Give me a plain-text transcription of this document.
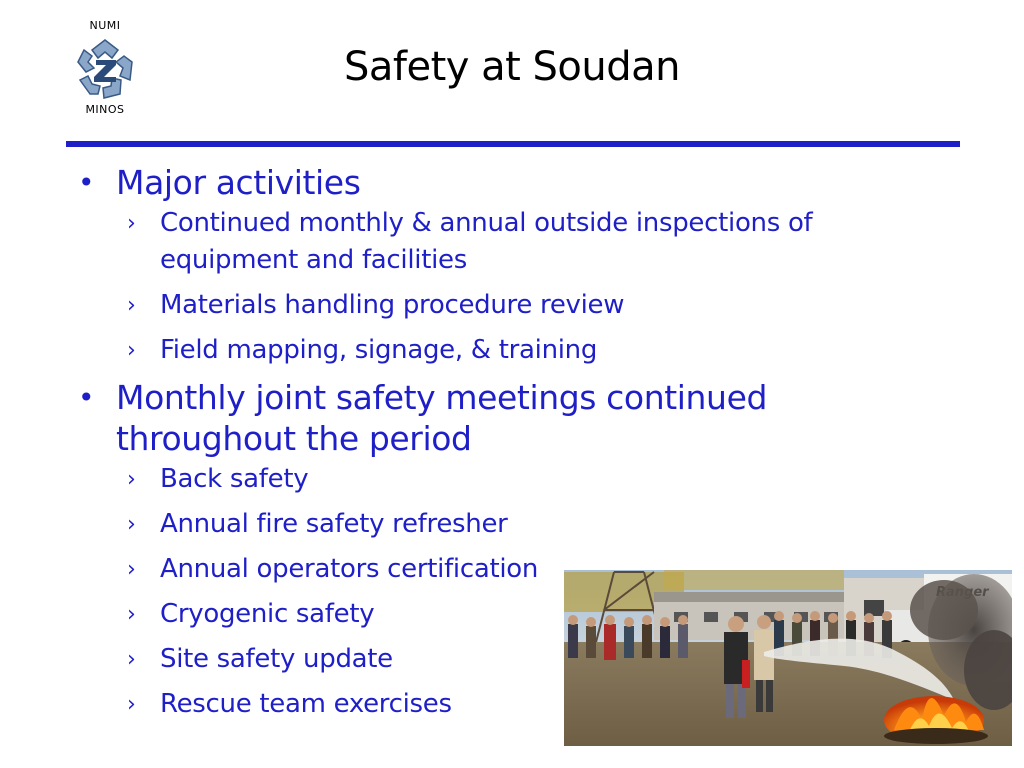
NUMI
MINOS
Safety at Soudan
• Major activities
› Continued monthly & annual outside inspections of equipment and facilities
› Materials handling procedure review
› Field mapping, signage, & training
• Monthly joint safety meetings continued throughout the period
› Back safety
› Annual fire safety refresher
› Annual operators certification
› Cryogenic safety
› Site safety update
› Rescue team exercises
